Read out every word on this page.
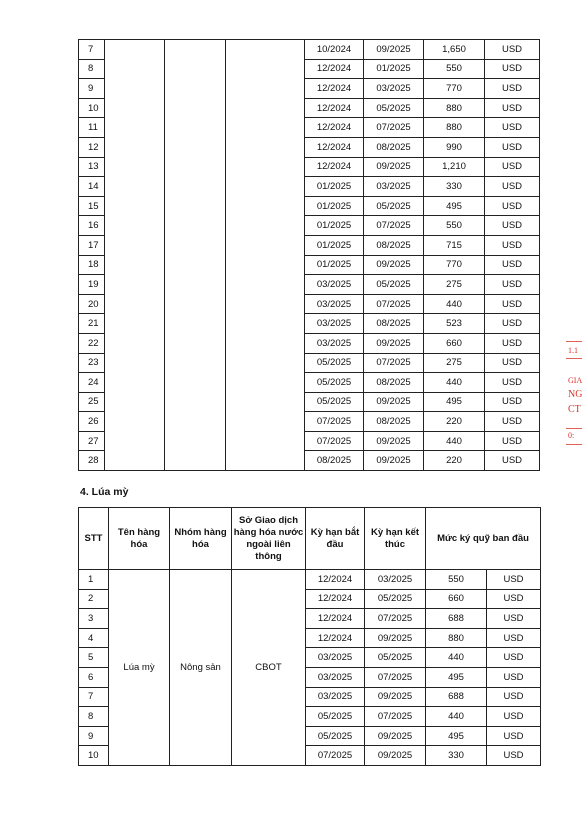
7				10/2024	09/2025	1,650	USD
8				12/2024	01/2025	550	USD
9				12/2024	03/2025	770	USD
10				12/2024	05/2025	880	USD
11				12/2024	07/2025	880	USD
12				12/2024	08/2025	990	USD
13				12/2024	09/2025	1,210	USD
14				01/2025	03/2025	330	USD
15				01/2025	05/2025	495	USD
16				01/2025	07/2025	550	USD
17				01/2025	08/2025	715	USD
18				01/2025	09/2025	770	USD
19				03/2025	05/2025	275	USD
20				03/2025	07/2025	440	USD
21				03/2025	08/2025	523	USD
22				03/2025	09/2025	660	USD
23				05/2025	07/2025	275	USD
24				05/2025	08/2025	440	USD
25				05/2025	09/2025	495	USD
26				07/2025	08/2025	220	USD
27				07/2025	09/2025	440	USD
28				08/2025	09/2025	220	USD
4. Lúa mỳ
STT	Tên hàng hóa	Nhóm hàng hóa	Sở Giao dịch hàng hóa nước ngoài liên thông	Kỳ hạn bắt đầu	Kỳ hạn kết thúc	Mức ký quỹ ban đầu	
1	Lúa mỳ	Nông sản	CBOT	12/2024	03/2025	550	USD
2				12/2024	05/2025	660	USD
3				12/2024	07/2025	688	USD
4				12/2024	09/2025	880	USD
5				03/2025	05/2025	440	USD
6				03/2025	07/2025	495	USD
7				03/2025	09/2025	688	USD
8				05/2025	07/2025	440	USD
9				05/2025	09/2025	495	USD
10				07/2025	09/2025	330	USD
1.1
GIA
NG
CT
0:
